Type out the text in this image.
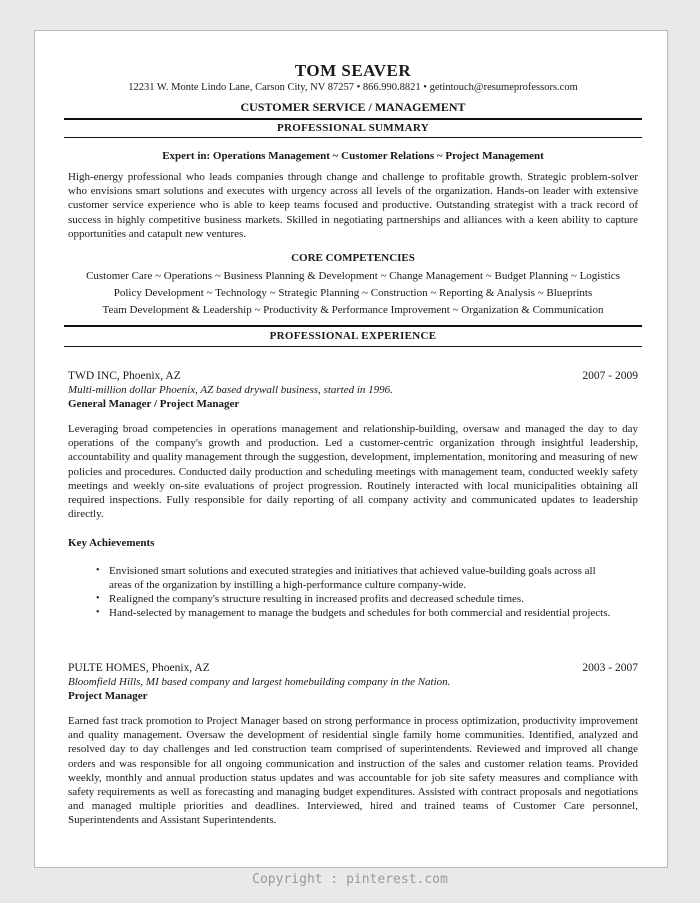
TOM SEAVER
12231 W. Monte Lindo Lane, Carson City, NV 87257 • 866.990.8821 • getintouch@resumeprofessors.com
CUSTOMER SERVICE / MANAGEMENT
PROFESSIONAL SUMMARY
Expert in: Operations Management ~ Customer Relations ~ Project Management
High-energy professional who leads companies through change and challenge to profitable growth. Strategic problem-solver who envisions smart solutions and executes with urgency across all levels of the organization. Hands-on leader with extensive customer service experience who is able to keep teams focused and productive. Outstanding strategist with a track record of success in highly competitive business markets. Skilled in negotiating partnerships and alliances with a keen ability to capture opportunities and catapult new ventures.
CORE COMPETENCIES
Customer Care ~ Operations ~ Business Planning & Development ~ Change Management ~ Budget Planning ~ Logistics
Policy Development ~ Technology ~ Strategic Planning ~ Construction ~ Reporting & Analysis ~ Blueprints
Team Development & Leadership ~ Productivity & Performance Improvement ~ Organization & Communication
PROFESSIONAL EXPERIENCE
TWD INC, Phoenix, AZ	2007 - 2009
Multi-million dollar Phoenix, AZ based drywall business, started in 1996.
General Manager / Project Manager
Leveraging broad competencies in operations management and relationship-building, oversaw and managed the day to day operations of the company's growth and production. Led a customer-centric organization through insightful leadership, accountability and quality management through the suggestion, development, implementation, monitoring and measuring of new policies and procedures. Conducted daily production and scheduling meetings with management team, conducted weekly safety meetings and weekly on-site evaluations of project progression. Routinely interacted with local municipalities obtaining all required inspections. Fully responsible for daily reporting of all company activity and communicated updates to leadership directly.
Key Achievements
• Envisioned smart solutions and executed strategies and initiatives that achieved value-building goals across all areas of the organization by instilling a high-performance culture company-wide.
• Realigned the company's structure resulting in increased profits and decreased schedule times.
• Hand-selected by management to manage the budgets and schedules for both commercial and residential projects.
PULTE HOMES, Phoenix, AZ	2003 - 2007
Bloomfield Hills, MI based company and largest homebuilding company in the Nation.
Project Manager
Earned fast track promotion to Project Manager based on strong performance in process optimization, productivity improvement and quality management. Oversaw the development of residential single family home communities. Identified, analyzed and resolved day to day challenges and led construction team comprised of superintendents. Reviewed and improved all change orders and was responsible for all ongoing communication and instruction of the sales and customer relation teams. Provided weekly, monthly and annual production status updates and was accountable for job site safety measures and compliance with safety requirements as well as forecasting and managing budget expenditures. Assisted with contract proposals and negotiations and managed multiple priorities and deadlines. Interviewed, hired and trained teams of Customer Care personnel, Superintendents and Assistant Superintendents.
Copyright : pinterest.com
